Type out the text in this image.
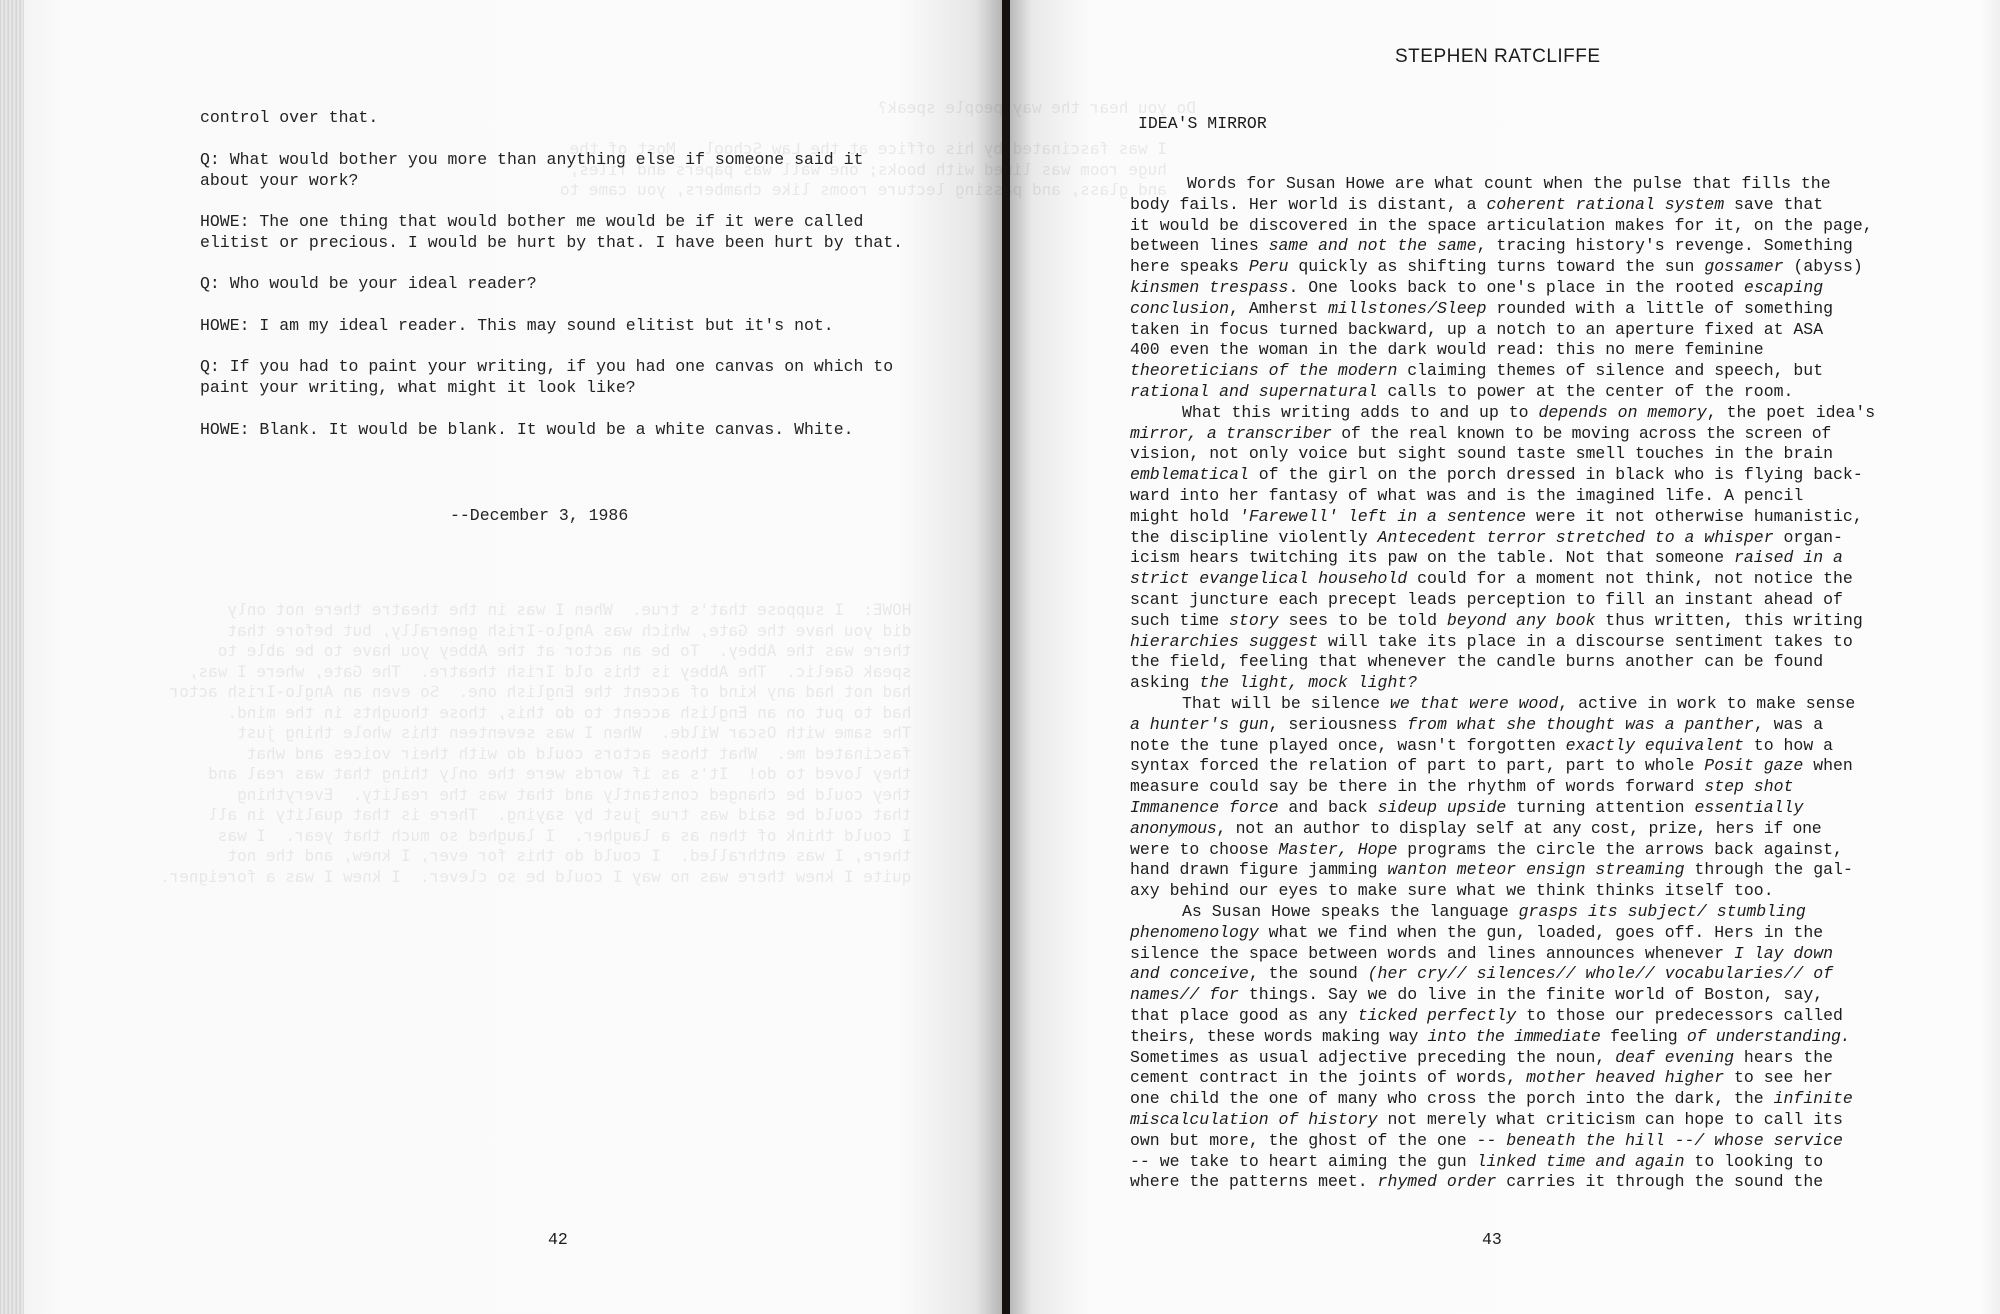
lined

control over that.

Q: What would bother you more than anything else if someone said it
about your work?

HOWE: The one thing that would bother me would be if it were called
elitist or precious. I would be hurt by that. I have been hurt by that.

Q: Who would be your ideal reader?

HOWE: I am my ideal reader. This may sound elitist but it's not.

Q: If you had to paint your writing, if you had one canvas on which to
paint your writing, what might it look like?

HOWE: Blank. It would be blank. It would be a white canvas. White.

--December 3, 1986

42

STEPHEN RATCLIFFE

IDEA'S MIRROR

Words for Susan Howe are what count when the pulse that fills the

body fails. Her world is distant, a coherent rational system save that

it would be discovered in the space articulation makes for it, on the page,

between lines same and not the same, tracing history's revenge. Something

here speaks Peru quickly as shifting turns toward the sun gossamer (abyss)

kinsmen trespass. One looks back to one's place in the rooted escaping

conclusion, Amherst millstones/Sleep rounded with a little of something

taken in focus turned backward, up a notch to an aperture fixed at ASA

400 even the woman in the dark would read: this no mere feminine

theoreticians of the modern claiming themes of silence and speech, but

rational and supernatural calls to power at the center of the room.

What this writing adds to and up to depends on memory, the poet idea's

mirror, a transcriber of the real known to be moving across the screen of

vision, not only voice but sight sound taste smell touches in the brain

emblematical of the girl on the porch dressed in black who is flying back-

ward into her fantasy of what was and is the imagined life. A pencil

might hold 'Farewell' left in a sentence were it not otherwise humanistic,

the discipline violently Antecedent terror stretched to a whisper organ-

icism hears twitching its paw on the table. Not that someone raised in a

strict evangelical household could for a moment not think, not notice the

scant juncture each precept leads perception to fill an instant ahead of

such time story sees to be told beyond any book thus written, this writing

hierarchies suggest will take its place in a discourse sentiment takes to

the field, feeling that whenever the candle burns another can be found

asking the light, mock light?

That will be silence we that were wood, active in work to make sense

a hunter's gun, seriousness from what she thought was a panther, was a

note the tune played once, wasn't forgotten exactly equivalent to how a

syntax forced the relation of part to part, part to whole Posit gaze when

measure could say be there in the rhythm of words forward step shot

Immanence force and back sideup upside turning attention essentially

anonymous, not an author to display self at any cost, prize, hers if one

were to choose Master, Hope programs the circle the arrows back against,

hand drawn figure jamming wanton meteor ensign streaming through the gal-

axy behind our eyes to make sure what we think thinks itself too.

As Susan Howe speaks the language grasps its subject/ stumbling

phenomenology what we find when the gun, loaded, goes off. Hers in the

silence the space between words and lines announces whenever I lay down

and conceive, the sound (her cry// silences// whole// vocabularies// of

names// for things. Say we do live in the finite world of Boston, say,

that place good as any ticked perfectly to those our predecessors called

theirs, these words making way into the immediate feeling of understanding.

Sometimes as usual adjective preceding the noun, deaf evening hears the

cement contract in the joints of words, mother heaved higher to see her

one child the one of many who cross the porch into the dark, the infinite

miscalculation of history not merely what criticism can hope to call its

own but more, the ghost of the one -- beneath the hill --/ whose service

-- we take to heart aiming the gun linked time and again to looking to

where the patterns meet. rhymed order carries it through the sound the

43
